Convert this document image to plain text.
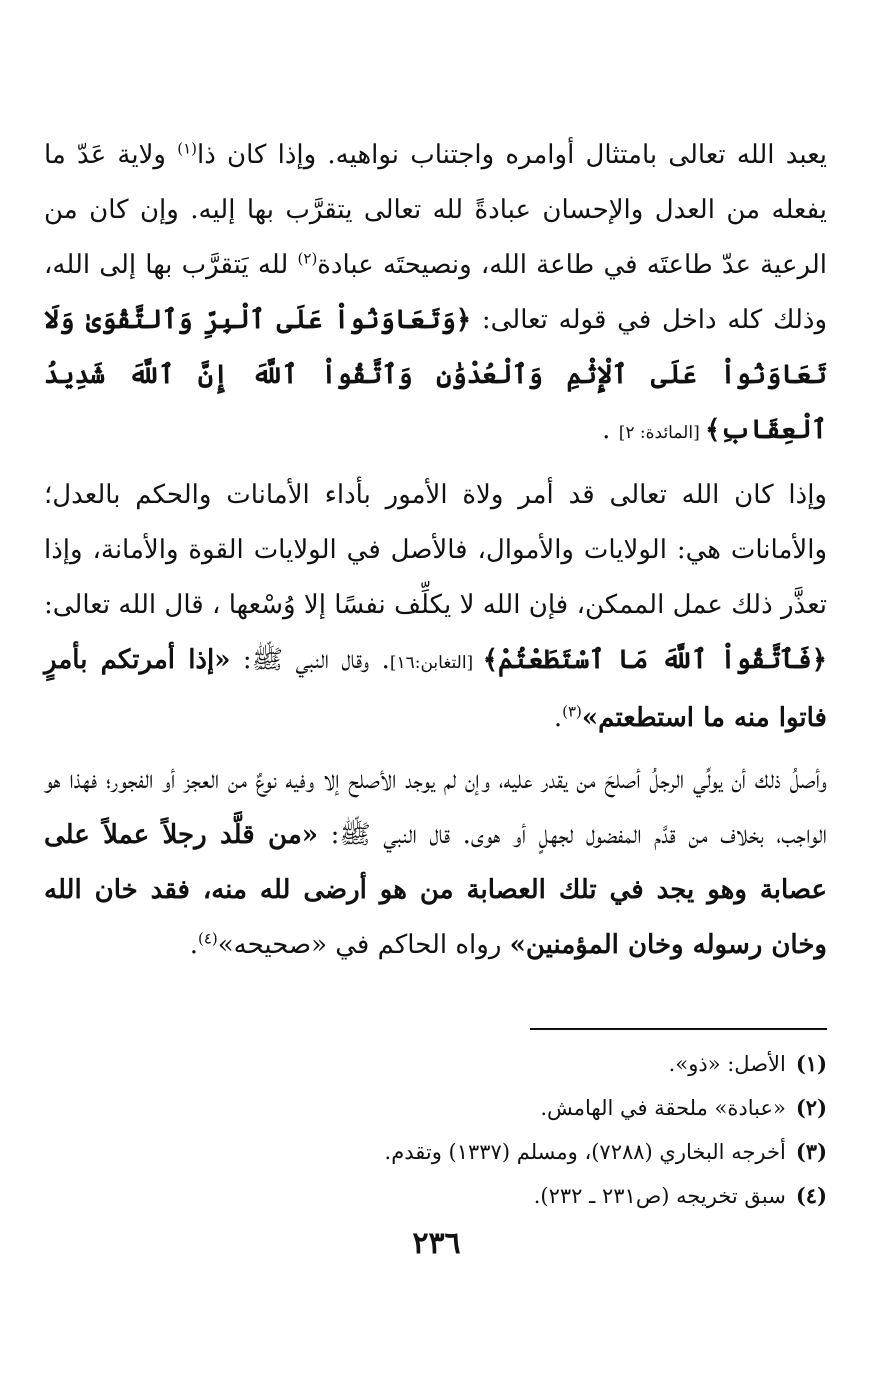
يعبد الله تعالى بامتثال أوامره واجتناب نواهيه. وإذا كان ذا$^{(١)}$ ولاية عَدّ ما يفعله من العدل والإحسان عبادةً لله تعالى يتقرَّب بها إليه. وإن كان من الرعية عدّ طاعتَه في طاعة الله، ونصيحتَه عبادة$^{(٢)}$ لله يَتقرَّب بها إلى الله، وذلك كله داخل في قوله تعالى: ﴿وَتَعَاوَنُواْ عَلَى ٱلْبِرِّ وَٱلتَّقْوَىٰ وَلَا تَعَاوَنُواْ عَلَى ٱلْإِثْمِ وَٱلْعُدْوَٰنِ وَٱتَّقُواْ ٱللَّهَ إِنَّ ٱللَّهَ شَدِيدُ ٱلْعِقَابِ﴾ [المائدة: ٢] .

وإذا كان الله تعالى قد أمر ولاة الأمور بأداء الأمانات والحكم بالعدل؛ والأمانات هي: الولايات والأموال، فالأصل في الولايات القوة والأمانة، وإذا تعذَّر ذلك عمل الممكن، فإن الله لا يكلِّف نفسًا إلا وُسْعها ، قال الله تعالى: ﴿فَٱتَّقُواْ ٱللَّهَ مَا ٱسْتَطَعْتُمْ﴾ [التغابن:١٦]. وقال النبي ﷺ: «إذا أمرتكم بأمرٍ فاتوا منه ما استطعتم»$^{(٣)}$.

وأصلُ ذلك أن يولِّي الرجلُ أصلحَ من يقدر عليه، وإن لم يوجد الأصلح إلا وفيه نوعٌ من العجز أو الفجور؛ فهذا هو الواجب، بخلاف من قدَّم المفضول لجهلٍ أو هوى. قال النبي ﷺ: «من قلَّد رجلاً عملاً على عصابة وهو يجد في تلك العصابة من هو أرضى لله منه، فقد خان الله وخان رسوله وخان المؤمنين» رواه الحاكم في «صحيحه»$^{(٤)}$.

(١)الأصل: «ذو».
(٢)«عبادة» ملحقة في الهامش.
(٣)أخرجه البخاري (٧٢٨٨)، ومسلم (١٣٣٧) وتقدم.
(٤)سبق تخريجه (ص٢٣١ ـ ٢٣٢).
٢٣٦
